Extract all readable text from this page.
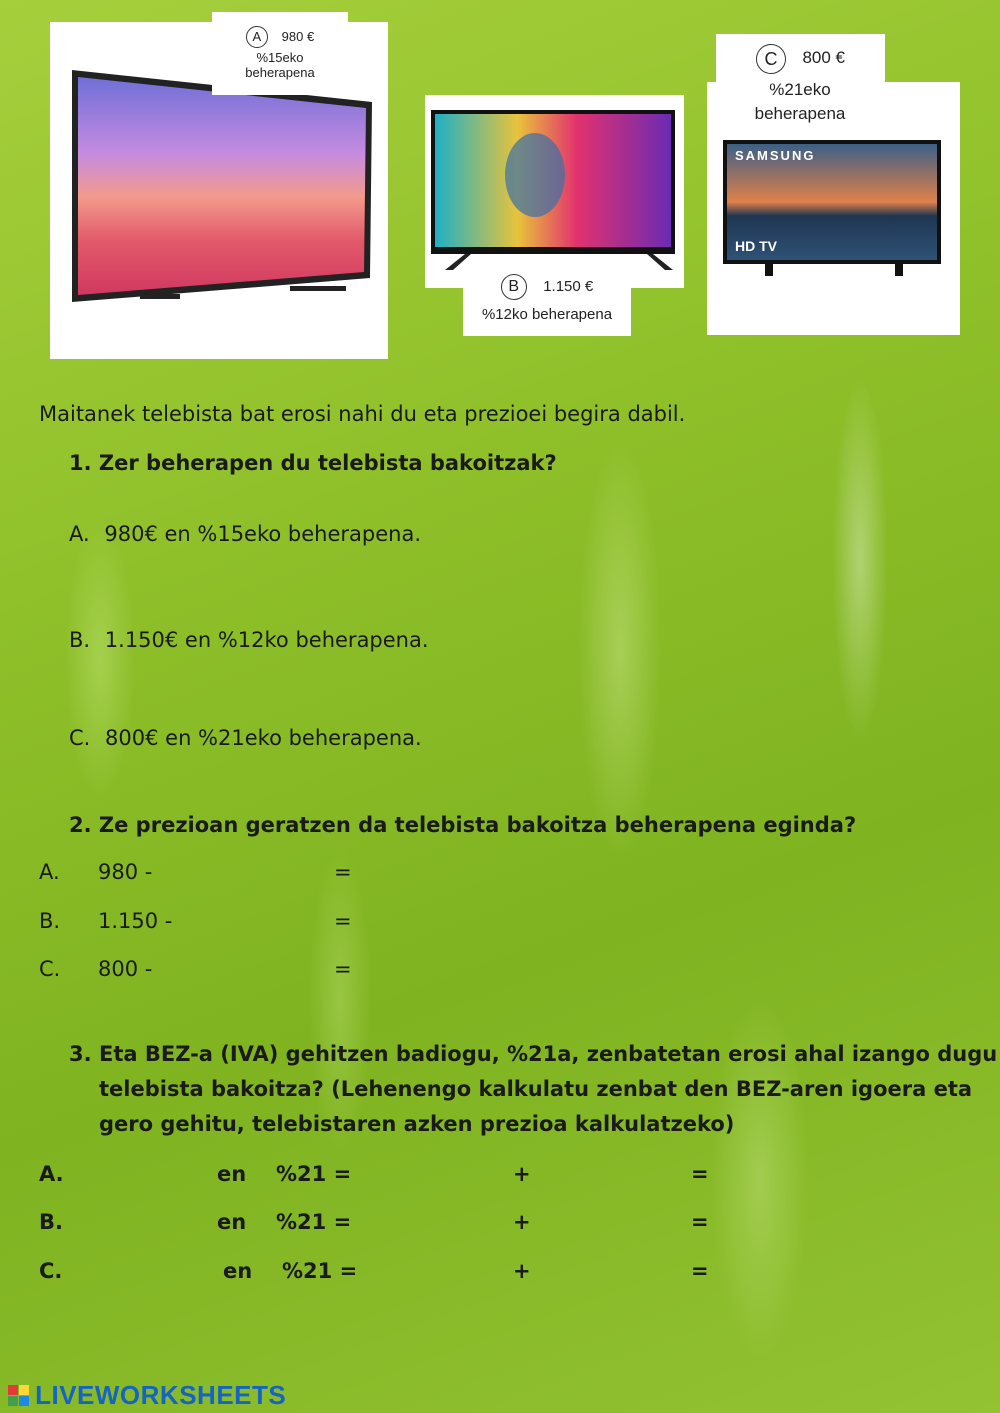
A 980 €
%15eko
beherapena
B 1.150 €
%12ko beherapena
SAMSUNG
HD TV
C 800 €
%21eko
beherapena
Maitanek telebista bat erosi nahi du eta prezioei begira dabil.
1. Zer beherapen du telebista bakoitzak?
A. 980€ en %15eko beherapena.
B. 1.150€ en %12ko beherapena.
C. 800€ en %21eko beherapena.
2. Ze prezioan geratzen da telebista bakoitza beherapena eginda?
A. 980 -	=
B. 1.150 -	=
C. 800 -	=
3. Eta BEZ-a (IVA) gehitzen badiogu, %21a, zenbatetan erosi ahal izango dugu
telebista bakoitza? (Lehenengo kalkulatu zenbat den BEZ-aren igoera eta
gero gehitu, telebistaren azken prezioa kalkulatzeko)
A.	en %21 =	+	=
B.	en %21 =	+	=
C.	en %21 =	+	=
LIVEWORKSHEETS
